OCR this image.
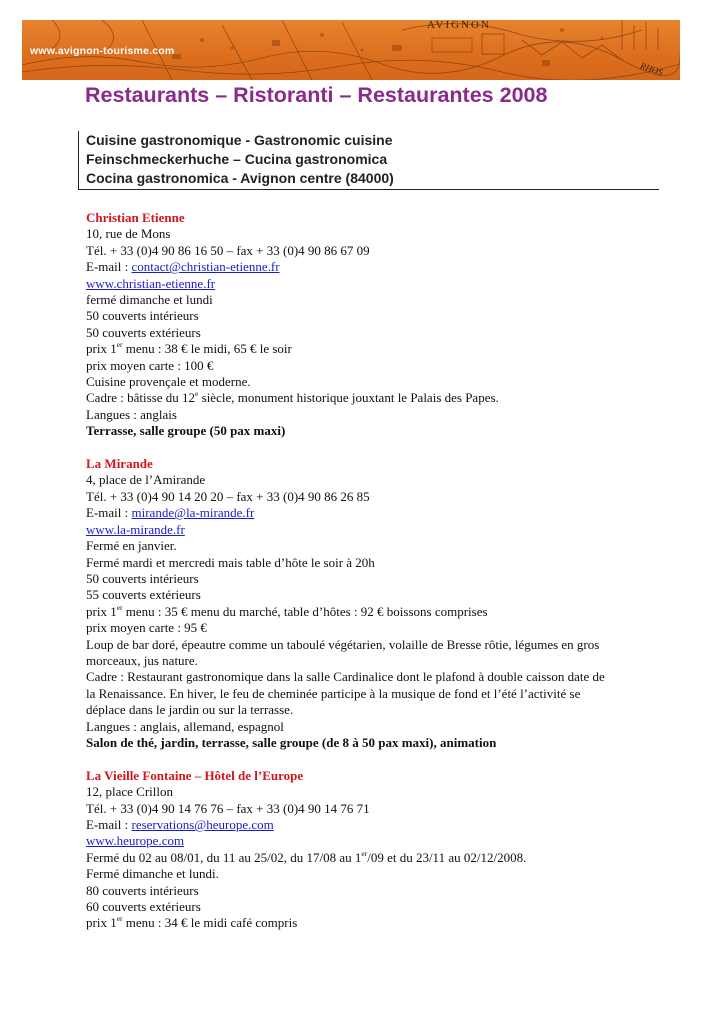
www.avignon-tourisme.com
AVIGNON
RHOS
Restaurants – Ristoranti – Restaurantes 2008
Cuisine gastronomique - Gastronomic cuisine
Feinschmeckerhuche – Cucina gastronomica
Cocina gastronomica - Avignon centre (84000)
Christian Etienne
10, rue de Mons
Tél. + 33 (0)4 90 86 16 50 – fax + 33 (0)4 90 86 67 09
E-mail : contact@christian-etienne.fr
www.christian-etienne.fr
fermé dimanche et lundi
50 couverts intérieurs
50 couverts extérieurs
prix 1er menu : 38 € le midi, 65 € le soir
prix moyen carte : 100 €
Cuisine provençale et moderne.
Cadre : bâtisse du 12e siècle, monument historique jouxtant le Palais des Papes.
Langues : anglais
Terrasse, salle groupe (50 pax maxi)
La Mirande
4, place de l’Amirande
Tél. + 33 (0)4 90 14 20 20 – fax + 33 (0)4 90 86 26 85
E-mail : mirande@la-mirande.fr
www.la-mirande.fr
Fermé en janvier.
Fermé mardi et mercredi mais table d’hôte le soir à 20h
50 couverts intérieurs
55 couverts extérieurs
prix 1er menu : 35 € menu du marché, table d’hôtes : 92 € boissons comprises
prix moyen carte : 95 €
Loup de bar doré, épeautre comme un taboulé végétarien, volaille de Bresse rôtie, légumes en gros
morceaux, jus nature.
Cadre : Restaurant gastronomique dans la salle Cardinalice dont le plafond à double caisson date de
la Renaissance. En hiver, le feu de cheminée participe à la musique de fond et l’été l’activité se
déplace dans le jardin ou sur la terrasse.
Langues : anglais, allemand, espagnol
Salon de thé, jardin, terrasse, salle groupe (de 8 à 50 pax maxi), animation
La Vieille Fontaine – Hôtel de l’Europe
12, place Crillon
Tél. + 33 (0)4 90 14 76 76 – fax + 33 (0)4 90 14 76 71
E-mail : reservations@heurope.com
www.heurope.com
Fermé du 02 au 08/01, du 11 au 25/02, du 17/08 au 1er/09 et du 23/11 au 02/12/2008.
Fermé dimanche et lundi.
80 couverts intérieurs
60 couverts extérieurs
prix 1er menu : 34 € le midi café compris
